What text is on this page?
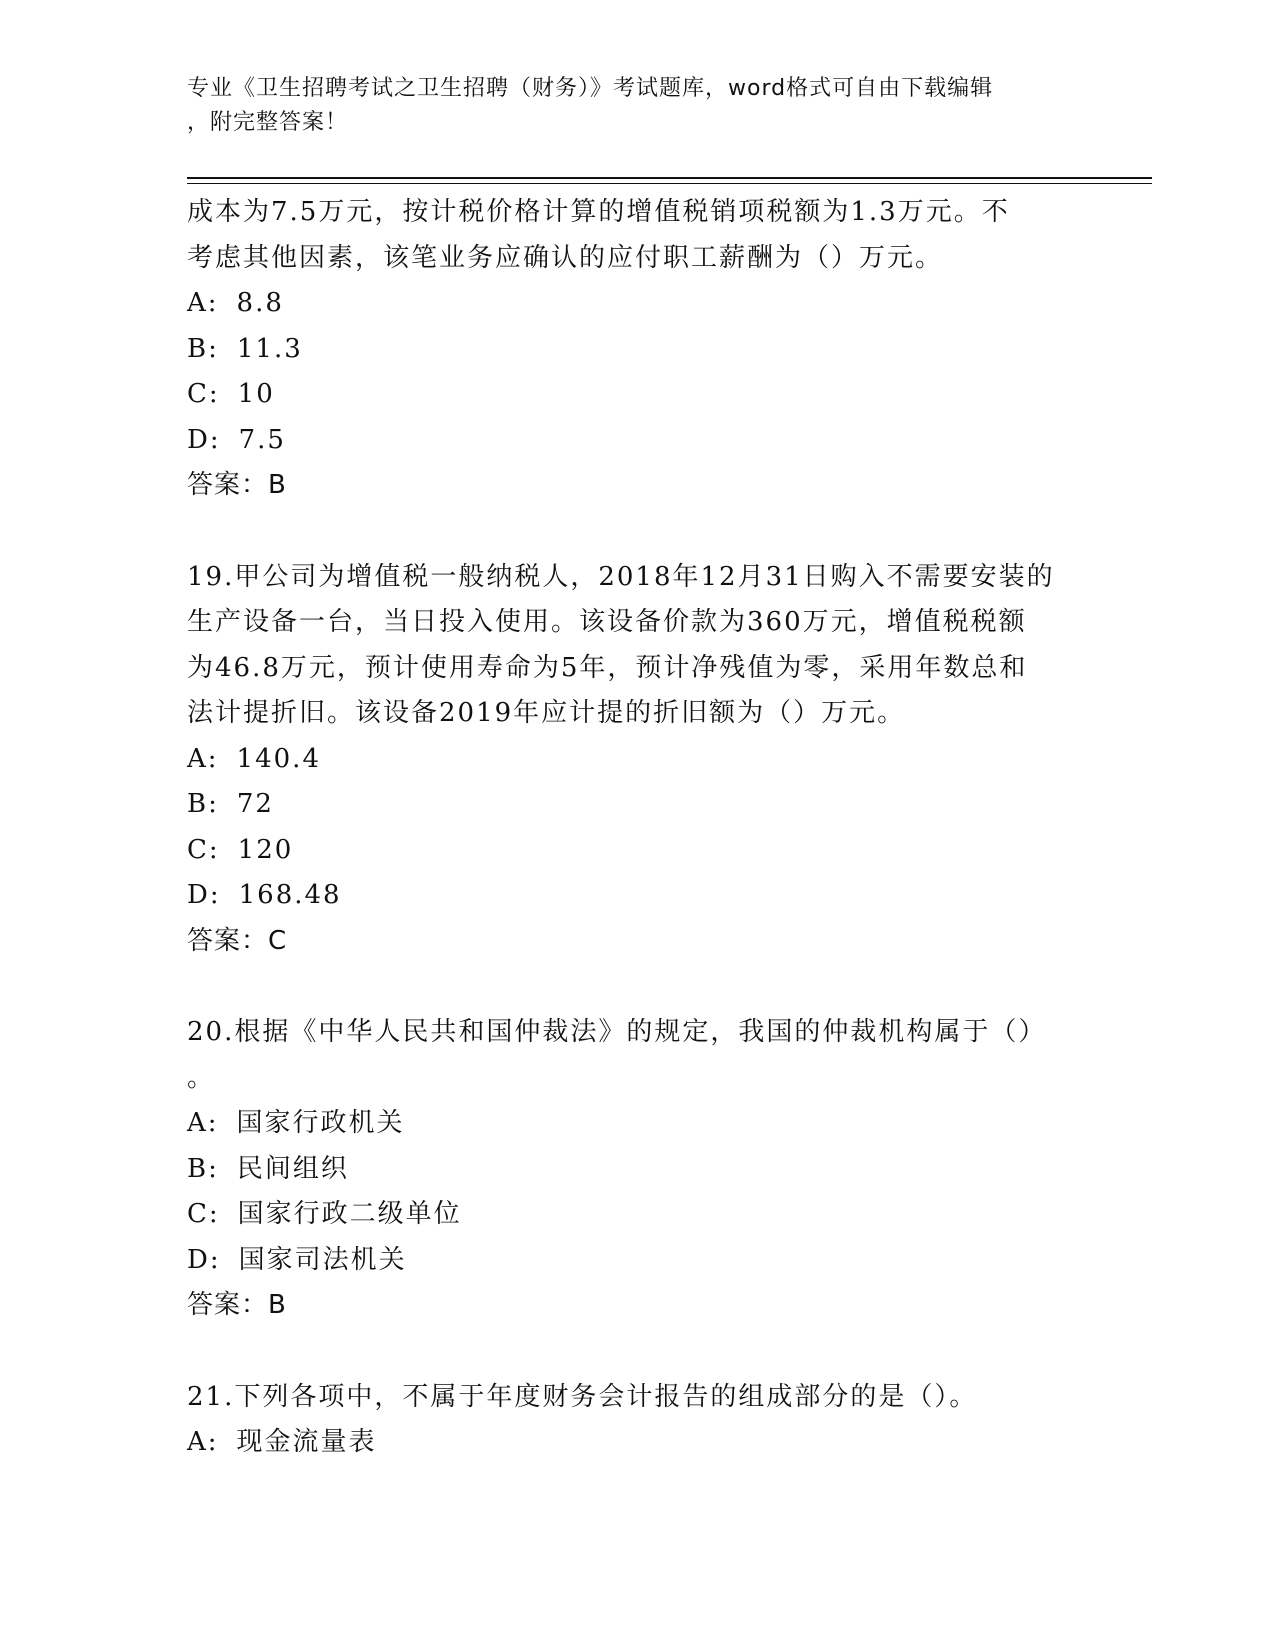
专业《卫生招聘考试之卫生招聘（财务）》考试题库，word格式可自由下载编辑
，附完整答案！

成本为7.5万元，按计税价格计算的增值税销项税额为1.3万元。不

考虑其他因素，该笔业务应确认的应付职工薪酬为（）万元。

A: 8.8

B: 11.3

C: 10

D: 7.5

答案：B

19.甲公司为增值税一般纳税人，2018年12月31日购入不需要安装的

生产设备一台，当日投入使用。该设备价款为360万元，增值税税额

为46.8万元，预计使用寿命为5年，预计净残值为零，采用年数总和

法计提折旧。该设备2019年应计提的折旧额为（）万元。

A: 140.4

B: 72

C: 120

D: 168.48

答案：C

20.根据《中华人民共和国仲裁法》的规定，我国的仲裁机构属于（）

。

A: 国家行政机关

B: 民间组织

C: 国家行政二级单位

D: 国家司法机关

答案：B

21.下列各项中，不属于年度财务会计报告的组成部分的是（）。

A: 现金流量表
